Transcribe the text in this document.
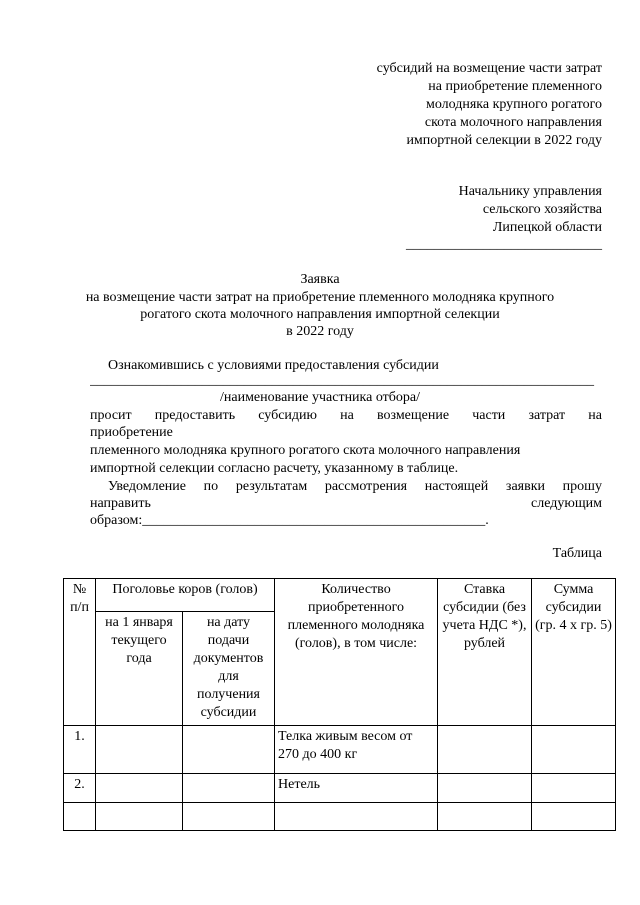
субсидий на возмещение части затрат
на приобретение племенного
молодняка крупного рогатого
скота молочного направления
импортной селекции в 2022 году
Начальнику управления
сельского хозяйства
Липецкой области
____________________________
Заявка
на возмещение части затрат на приобретение племенного молодняка крупного
рогатого скота молочного направления импортной селекции
в 2022 году
Ознакомившись с условиями предоставления субсидии
________________________________________________________________________
/наименование участника отбора/
просит предоставить субсидию на возмещение части затрат на
приобретение
племенного молодняка крупного рогатого скота молочного направления
импортной селекции согласно расчету, указанному в таблице.
Уведомление по результатам рассмотрения настоящей заявки прошу
направить	следующим
образом:_________________________________________________.
Таблица
№ п/п	Поголовье коров (голов)		Количество приобретенного племенного молодняка (голов), в том числе:	Ставка субсидии (без учета НДС *), рублей	Сумма субсидии (гр. 4 х гр. 5)
	на 1 января текущего года	на дату подачи документов для получения субсидии			
1.			Телка живым весом от 270 до 400 кг		
2.			Нетель		
